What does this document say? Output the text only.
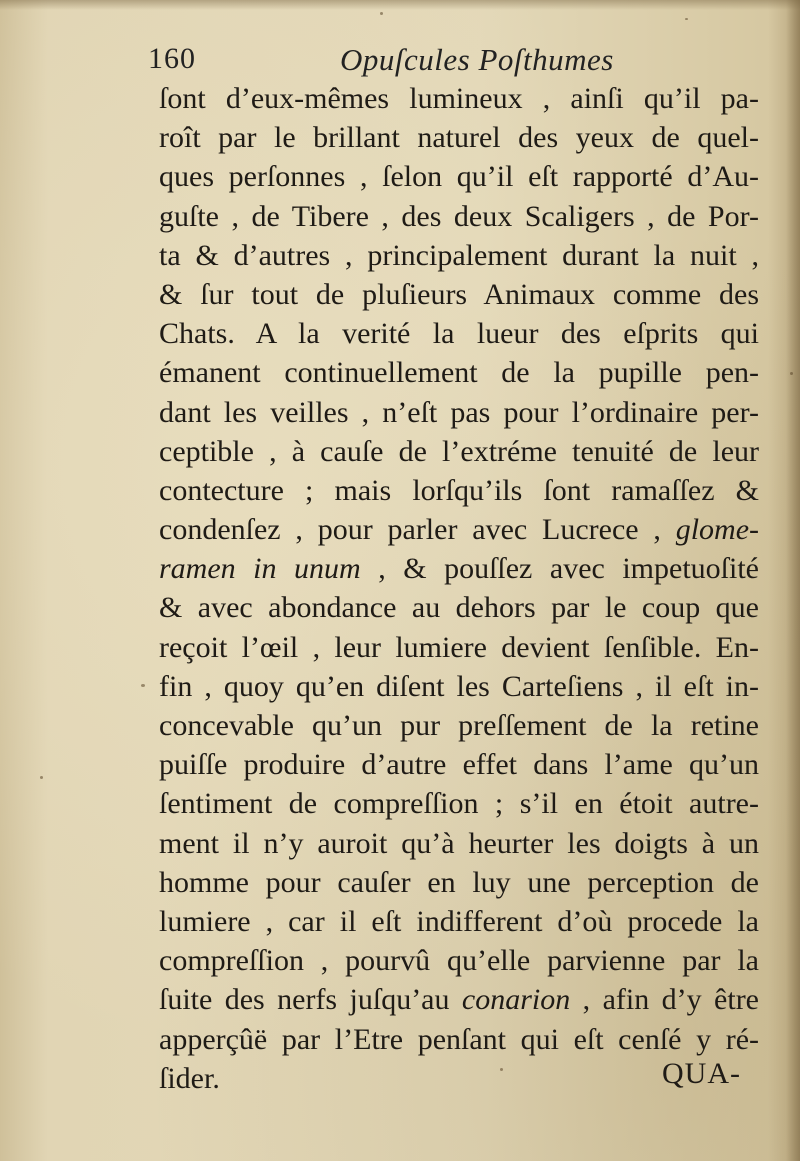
160	Opuſcules Poſthumes
ſont d’eux-mêmes lumineux , ainſi qu’il pa-
roît par le brillant naturel des yeux de quel-
ques perſonnes , ſelon qu’il eſt rapporté d’Au-
guſte , de Tibere , des deux Scaligers , de Por-
ta & d’autres , principalement durant la nuit ,
& ſur tout de pluſieurs Animaux comme des
Chats. A la verité la lueur des eſprits qui
émanent continuellement de la pupille pen-
dant les veilles , n’eſt pas pour l’ordinaire per-
ceptible , à cauſe de l’extréme tenuité de leur
contecture ; mais lorſqu’ils ſont ramaſſez &
condenſez , pour parler avec Lucrece , glome-
ramen in unum , & pouſſez avec impetuoſité
& avec abondance au dehors par le coup que
reçoit l’œil , leur lumiere devient ſenſible. En-
fin , quoy qu’en diſent les Carteſiens , il eſt in-
concevable qu’un pur preſſement de la retine
puiſſe produire d’autre effet dans l’ame qu’un
ſentiment de compreſſion ; s’il en étoit autre-
ment il n’y auroit qu’à heurter les doigts à un
homme pour cauſer en luy une perception de
lumiere , car il eſt indifferent d’où procede la
compreſſion , pourvû qu’elle parvienne par la
ſuite des nerfs juſqu’au conarion , afin d’y être
apperçûë par l’Etre penſant qui eſt cenſé y ré-
ſider.	QUA-
